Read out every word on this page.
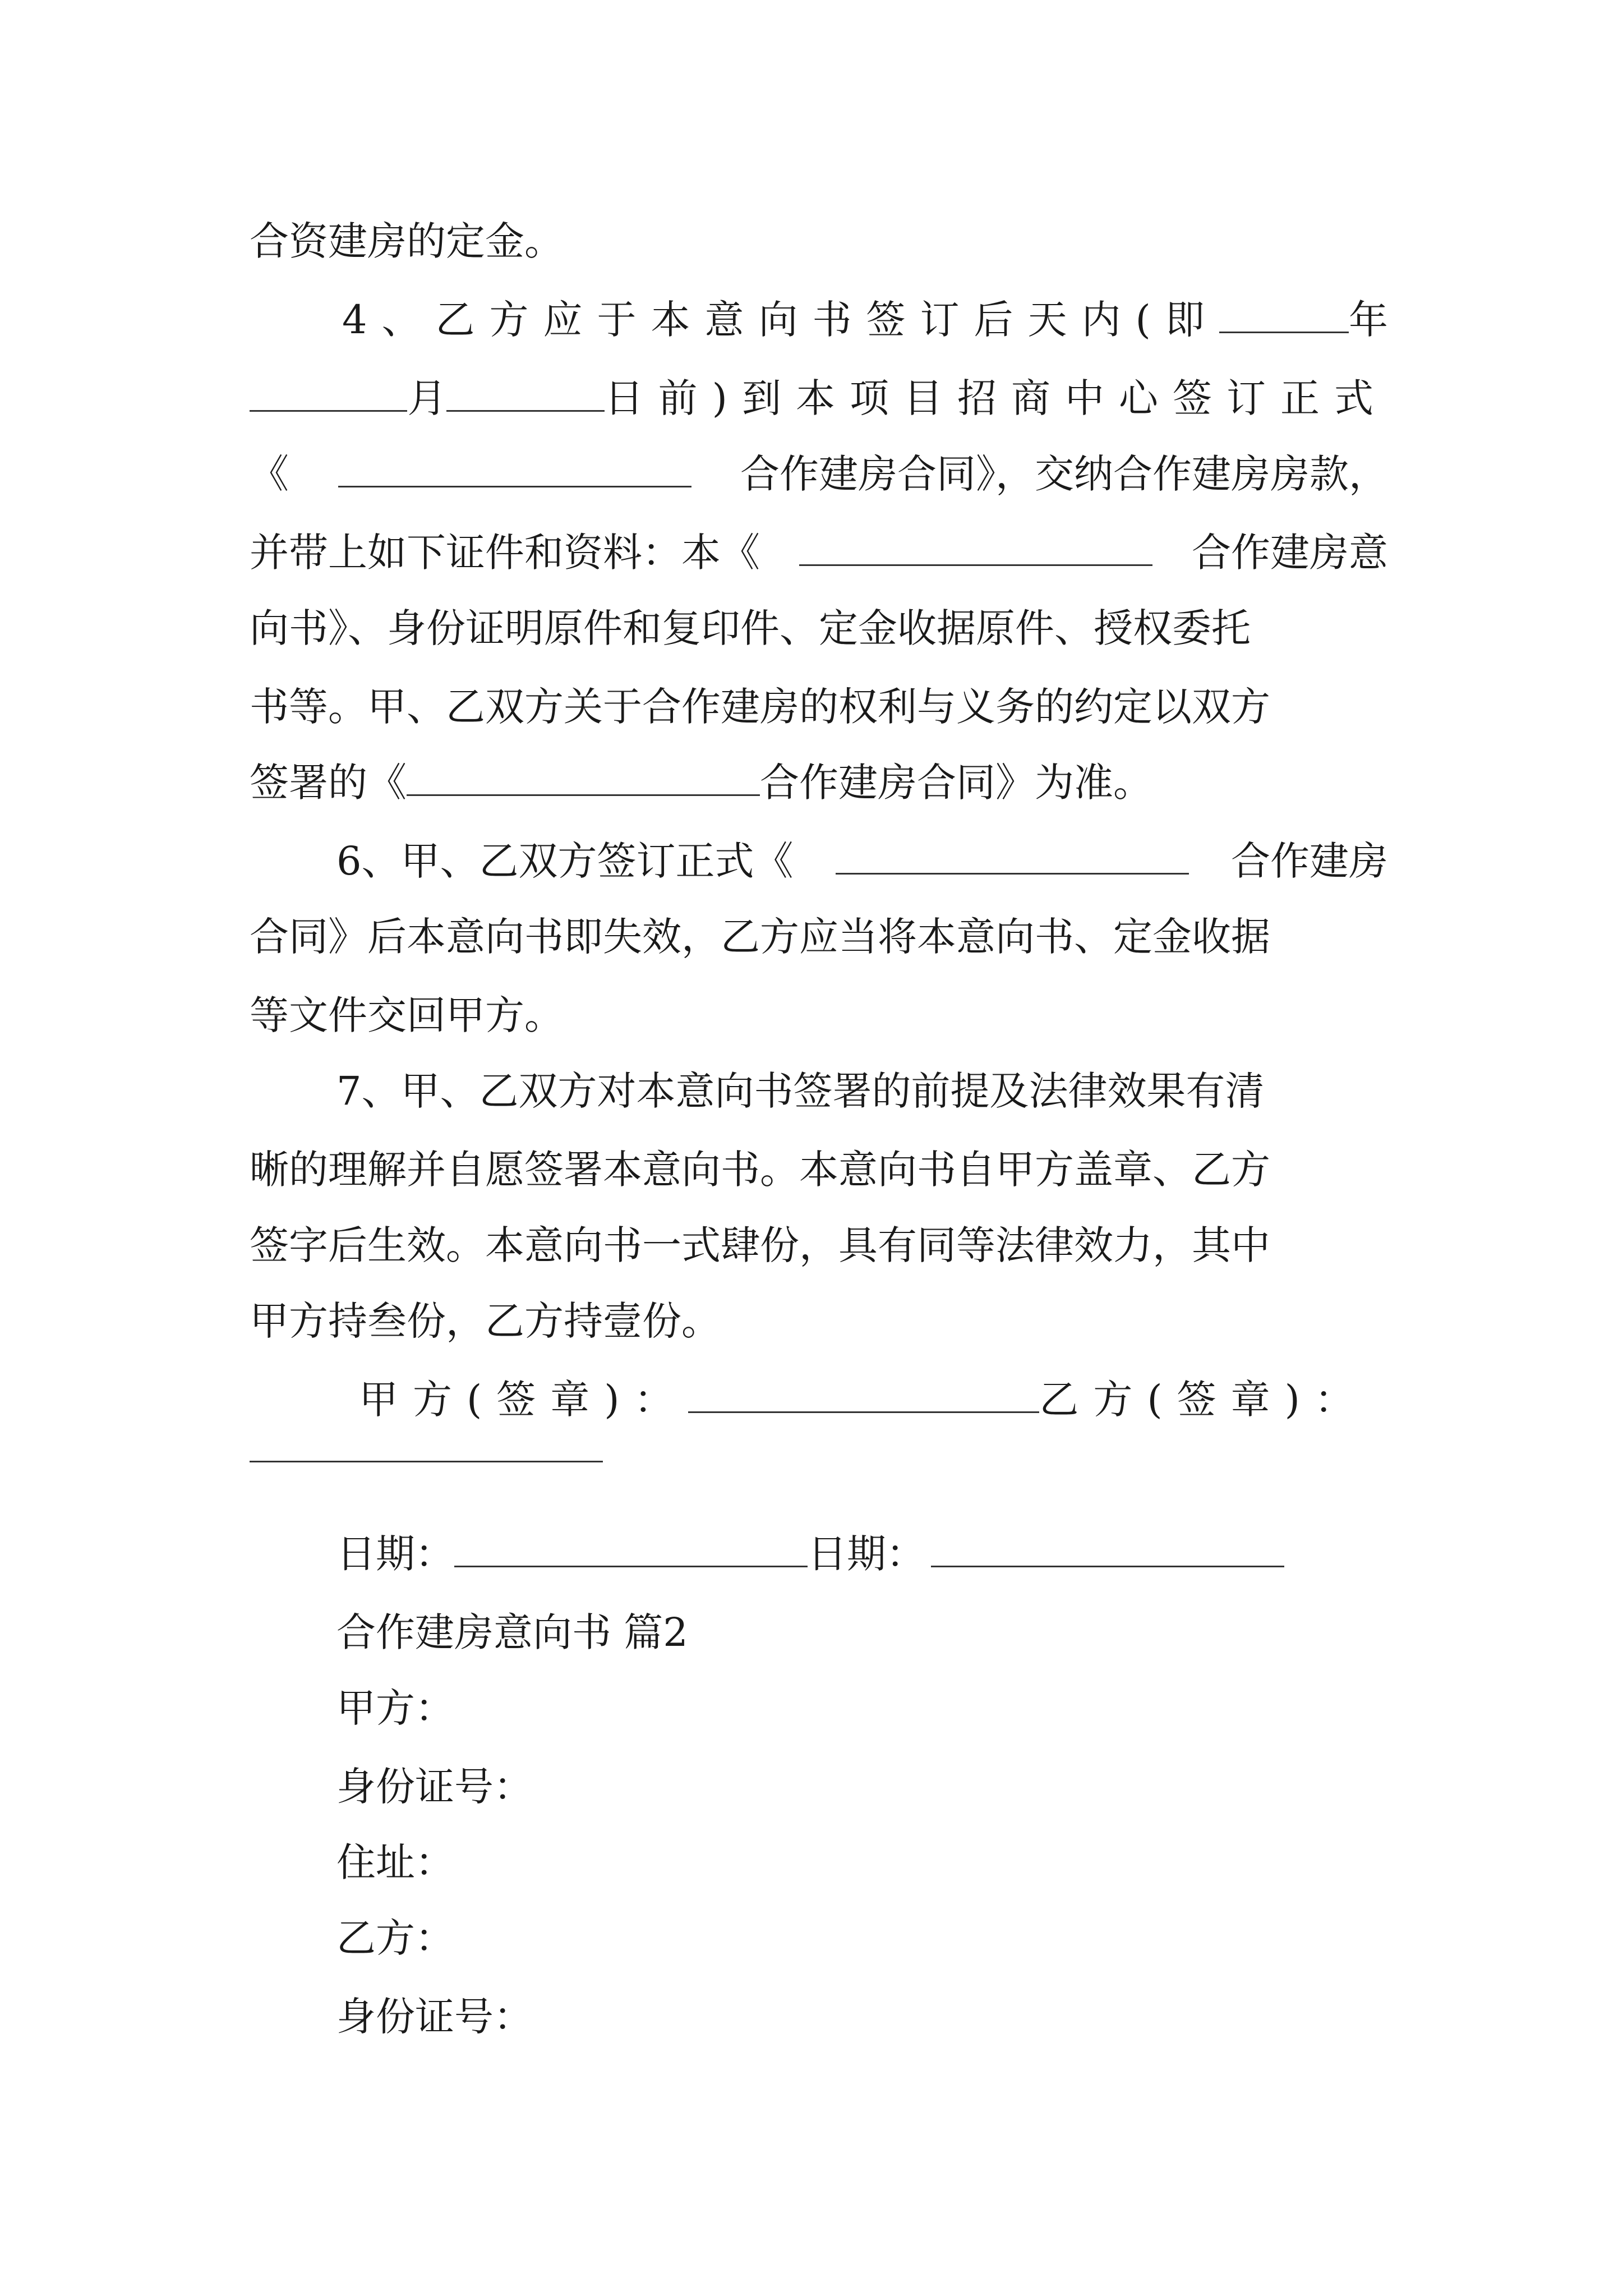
合资建房的定金。
4、乙方应于本意向书签订后天内(即	年
月	日前)到本项目招商中心签订正式
《	合作建房合同》，交纳合作建房房款，
并带上如下证件和资料：本《	合作建房意
向书》、身份证明原件和复印件、定金收据原件、授权委托
书等。甲、乙双方关于合作建房的权利与义务的约定以双方
签署的《	合作建房合同》为准。
6、甲、乙双方签订正式《	合作建房
合同》后本意向书即失效，乙方应当将本意向书、定金收据
等文件交回甲方。
7、甲、乙双方对本意向书签署的前提及法律效果有清
晰的理解并自愿签署本意向书。本意向书自甲方盖章、乙方
签字后生效。本意向书一式肆份，具有同等法律效力，其中
甲方持叁份，乙方持壹份。
甲方(签章)：	乙方(签章)：
日期：	日期：
合作建房意向书 篇2
甲方：
身份证号：
住址：
乙方：
身份证号：
